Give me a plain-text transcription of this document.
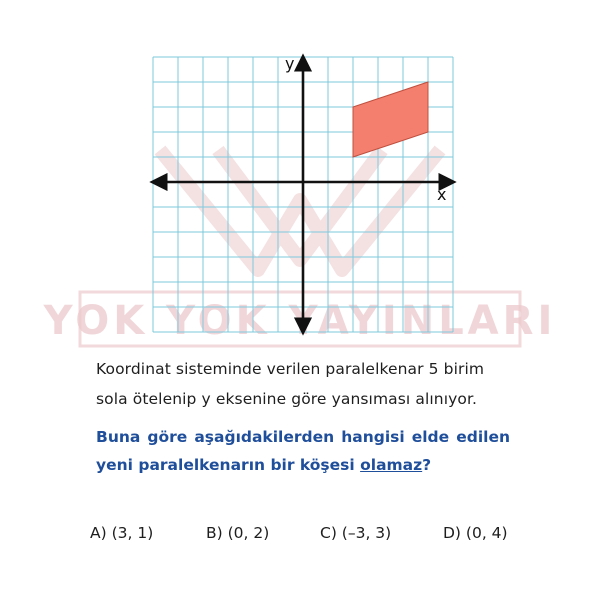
YOK YOK YAYINLARI
x
y
Koordinat sisteminde verilen paralelkenar 5 birim
sola ötelenip y eksenine göre yansıması alınıyor.
Buna göre aşağıdakilerden hangisi elde edilen
yeni paralelkenarın bir köşesi olamaz?
A) (3, 1)	B) (0, 2)	C) (–3, 3)	D) (0, 4)
